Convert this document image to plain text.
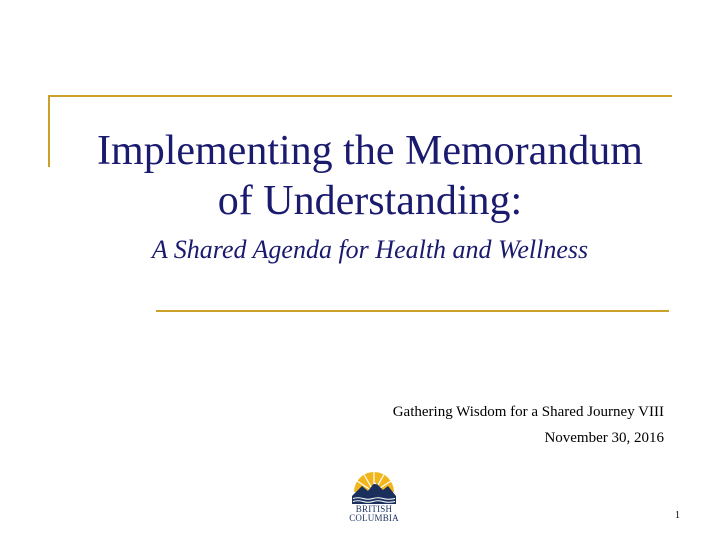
Implementing the Memorandum
of Understanding:

A Shared Agenda for Health and Wellness

Gathering Wisdom for a Shared Journey VIII
November 30, 2016
BRITISH
COLUMBIA	1
